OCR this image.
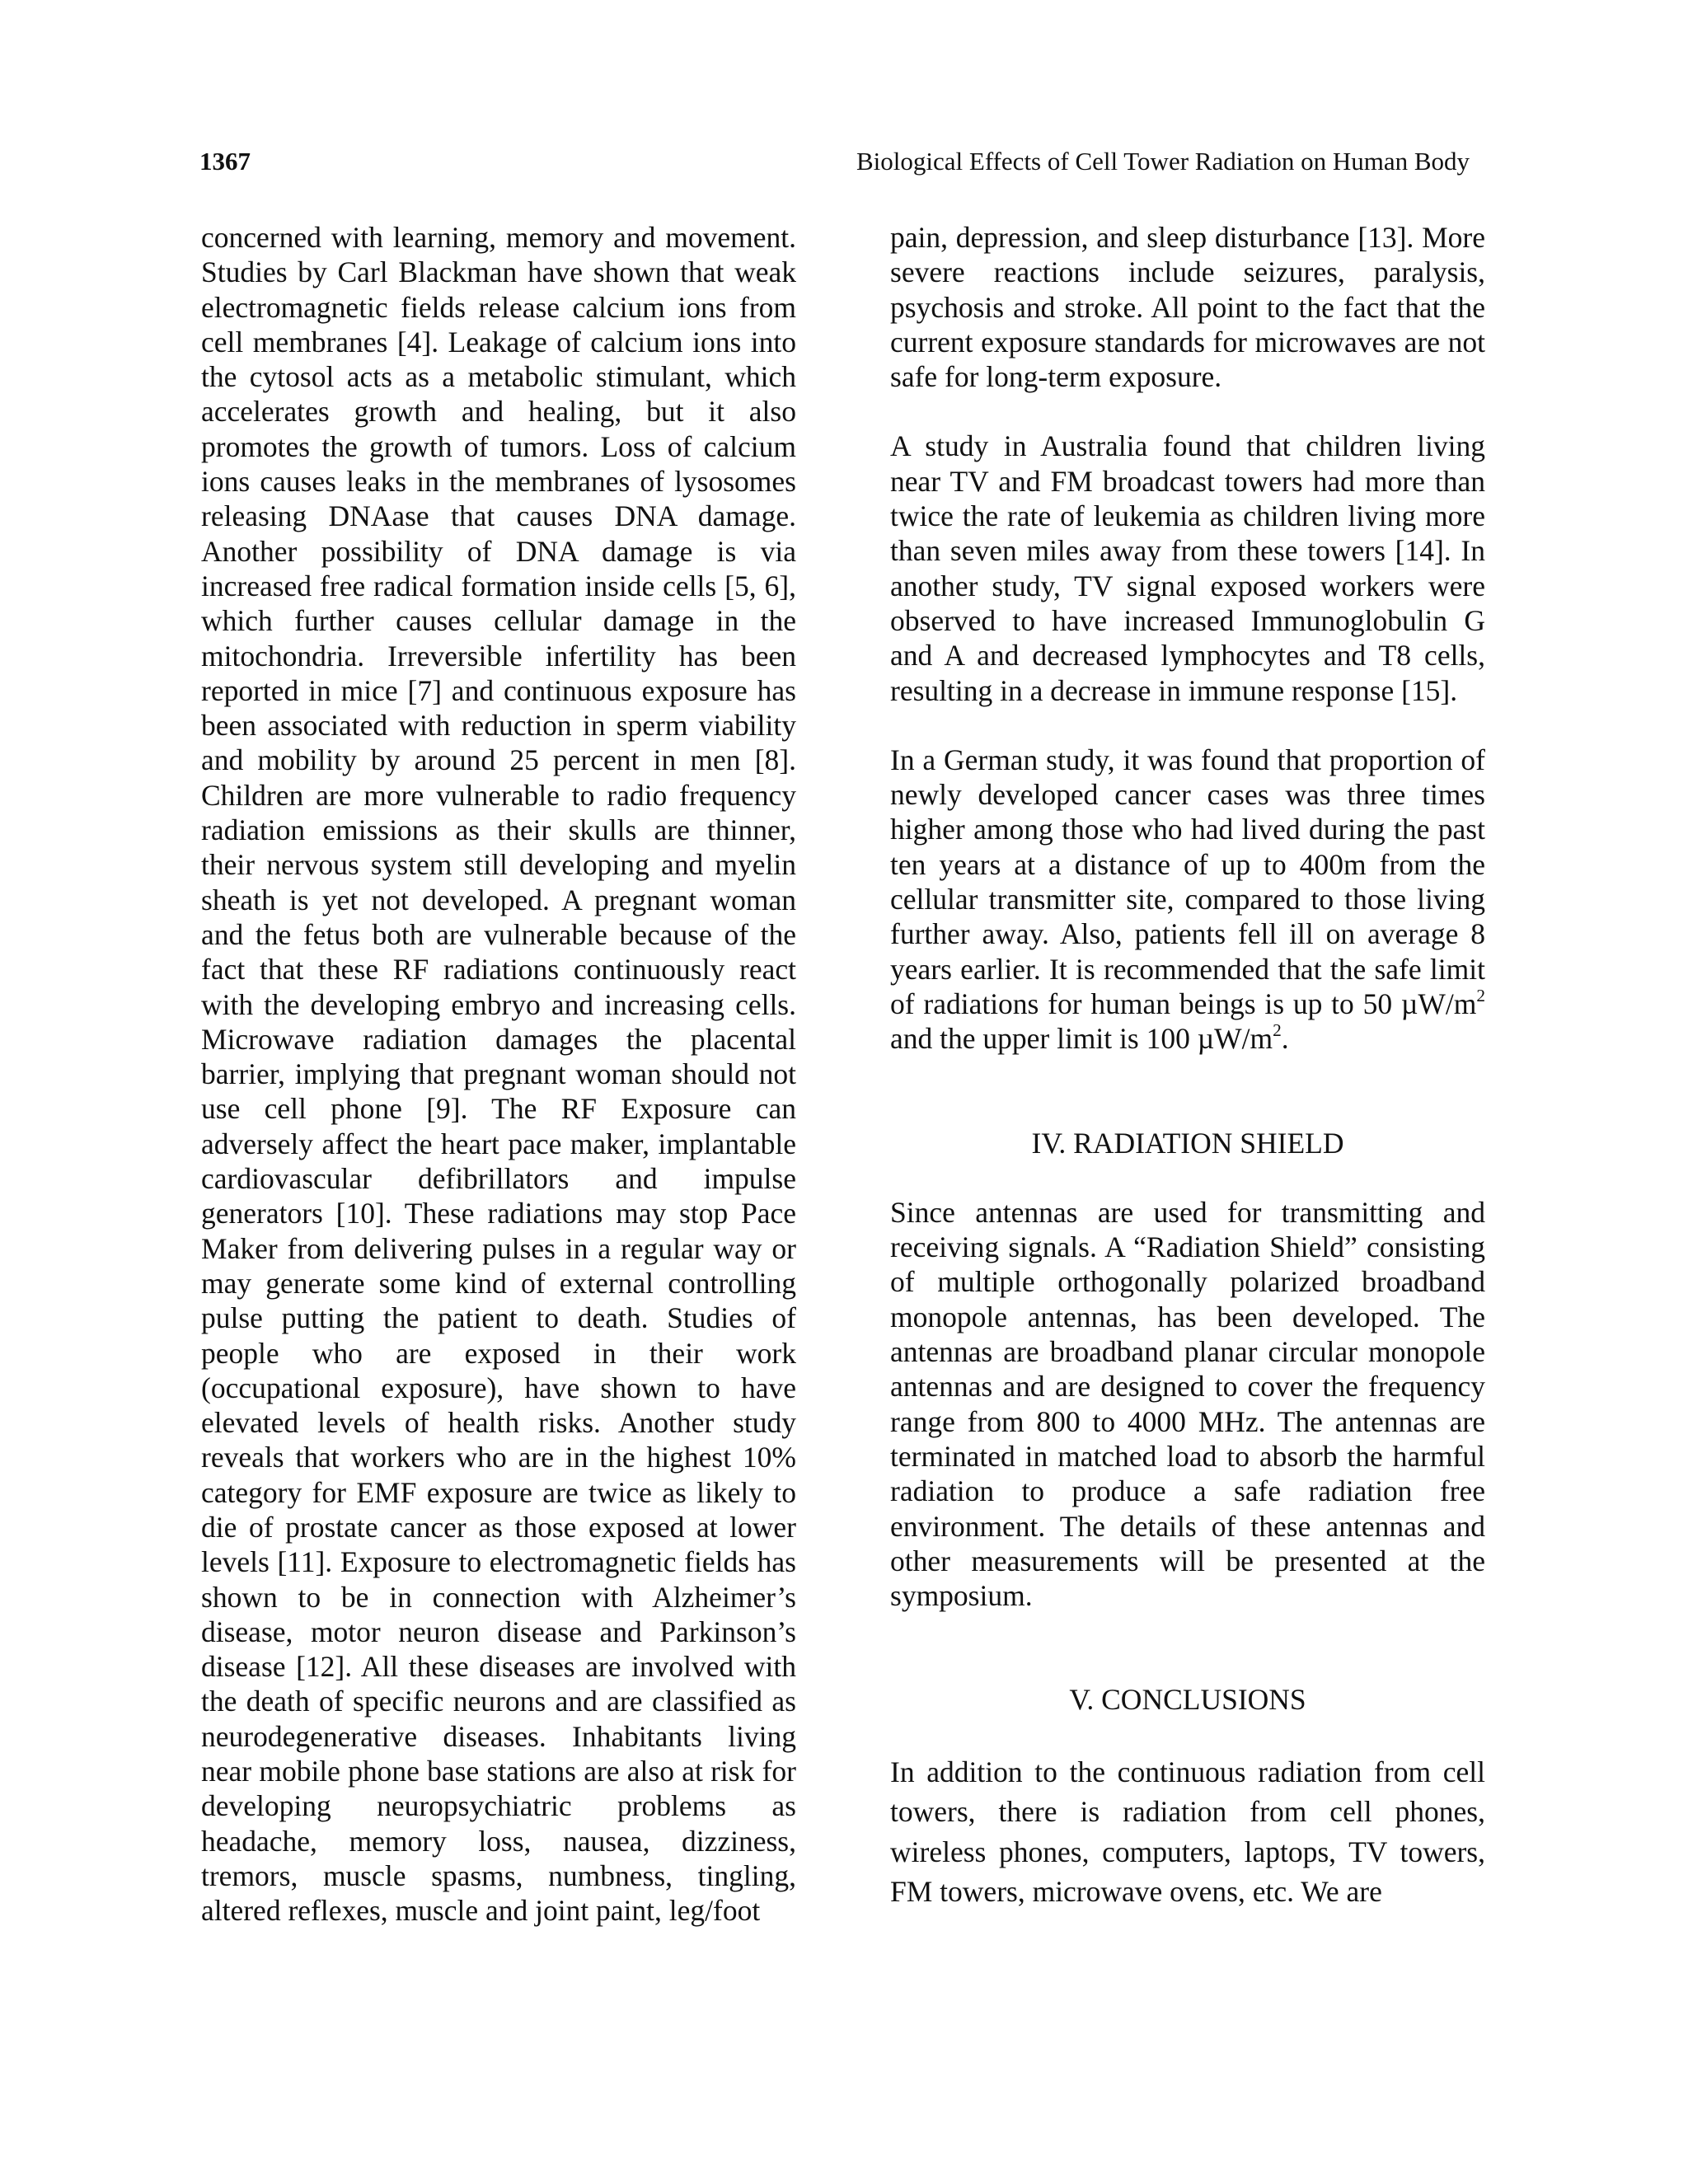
1367	Biological Effects of Cell Tower Radiation on Human Body

concerned with learning, memory and movement. Studies by Carl Blackman have shown that weak electromagnetic fields release calcium ions from cell membranes [4]. Leakage of calcium ions into the cytosol acts as a metabolic stimulant, which accelerates growth and healing, but it also promotes the growth of tumors. Loss of calcium ions causes leaks in the membranes of lysosomes releasing DNAase that causes DNA damage. Another possibility of DNA damage is via increased free radical formation inside cells [5, 6], which further causes cellular damage in the mitochondria. Irreversible infertility has been reported in mice [7] and continuous exposure has been associated with reduction in sperm viability and mobility by around 25 percent in men [8]. Children are more vulnerable to radio frequency radiation emissions as their skulls are thinner, their nervous system still developing and myelin sheath is yet not developed. A pregnant woman and the fetus both are vulnerable because of the fact that these RF radiations continuously react with the developing embryo and increasing cells. Microwave radiation damages the placental barrier, implying that pregnant woman should not use cell phone [9]. The RF Exposure can adversely affect the heart pace maker, implantable cardiovascular defibrillators and impulse generators [10]. These radiations may stop Pace Maker from delivering pulses in a regular way or may generate some kind of external controlling pulse putting the patient to death. Studies of people who are exposed in their work (occupational exposure), have shown to have elevated levels of health risks. Another study reveals that workers who are in the highest 10% category for EMF exposure are twice as likely to die of prostate cancer as those exposed at lower levels [11]. Exposure to electromagnetic fields has shown to be in connection with Alzheimer’s disease, motor neuron disease and Parkinson’s disease [12]. All these diseases are involved with the death of specific neurons and are classified as neurodegenerative diseases. Inhabitants living near mobile phone base stations are also at risk for developing neuropsychiatric problems as headache, memory loss, nausea, dizziness, tremors, muscle spasms, numbness, tingling, altered reflexes, muscle and joint paint, leg/foot

pain, depression, and sleep disturbance [13]. More severe reactions include seizures, paralysis, psychosis and stroke. All point to the fact that the current exposure standards for microwaves are not safe for long-term exposure.

A study in Australia found that children living near TV and FM broadcast towers had more than twice the rate of leukemia as children living more than seven miles away from these towers [14]. In another study, TV signal exposed workers were observed to have increased Immunoglobulin G and A and decreased lymphocytes and T8 cells, resulting in a decrease in immune response [15].

In a German study, it was found that proportion of newly developed cancer cases was three times higher among those who had lived during the past ten years at a distance of up to 400m from the cellular transmitter site, compared to those living further away. Also, patients fell ill on average 8 years earlier. It is recommended that the safe limit of radiations for human beings is up to 50 $\mu W/m^2$ and the upper limit is 100 $\mu W/m^2$.

IV. RADIATION SHIELD

Since antennas are used for transmitting and receiving signals. A “Radiation Shield” consisting of multiple orthogonally polarized broadband monopole antennas, has been developed. The antennas are broadband planar circular monopole antennas and are designed to cover the frequency range from 800 to 4000 MHz. The antennas are terminated in matched load to absorb the harmful radiation to produce a safe radiation free environment. The details of these antennas and other measurements will be presented at the symposium.

V. CONCLUSIONS

In addition to the continuous radiation from cell towers, there is radiation from cell phones, wireless phones, computers, laptops, TV towers, FM towers, microwave ovens, etc. We are
